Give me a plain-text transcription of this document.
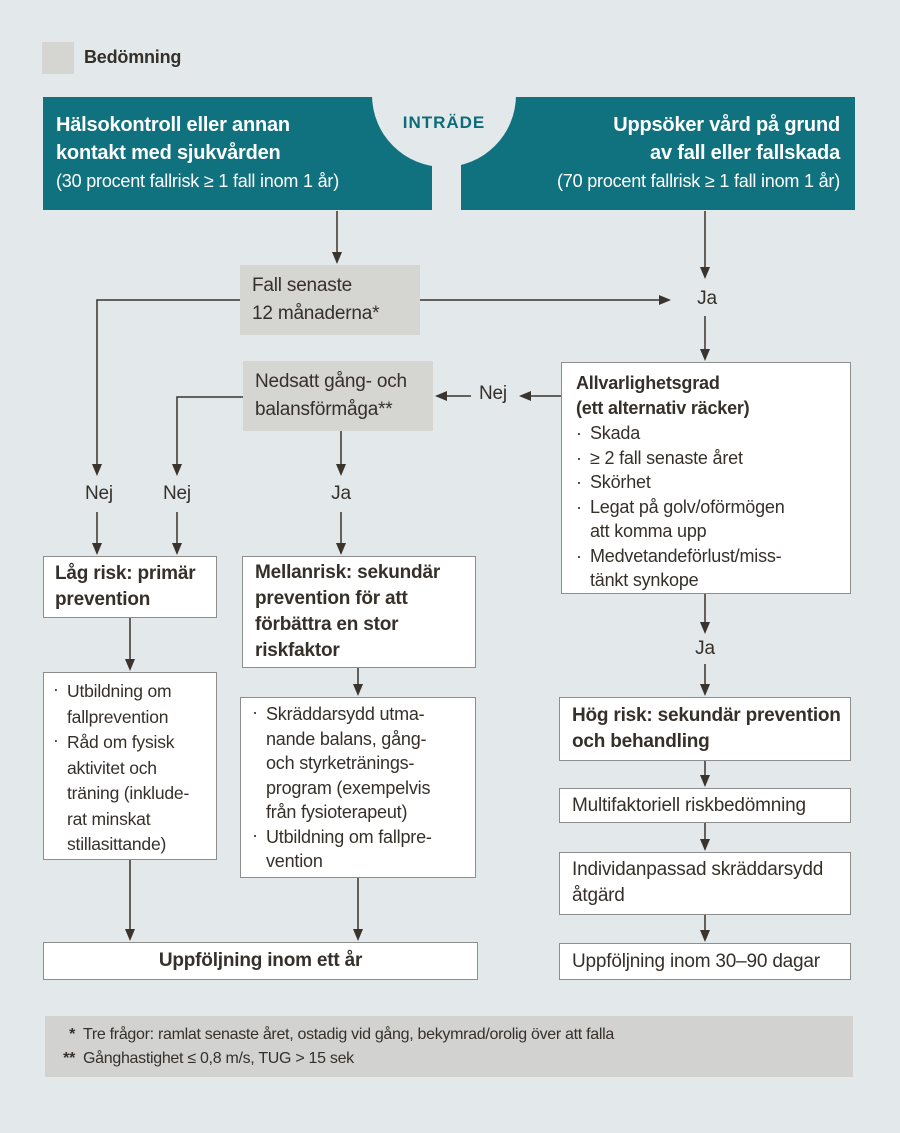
Bedömning
Hälsokontroll eller annan
kontakt med sjukvården
(30 procent fallrisk ≥ 1 fall inom 1 år)
Uppsöker vård på grund
av fall eller fallskada
(70 procent fallrisk ≥ 1 fall inom 1 år)
INTRÄDE
Fall senaste
12 månaderna*
Nedsatt gång- och
balansförmåga**
Ja
Nej	Nej	Ja
Nej
Ja
Allvarlighetsgrad
(ett alternativ räcker)
· Skada
· ≥ 2 fall senaste året
· Skörhet
· Legat på golv/oförmögen
att komma upp
· Medvetandeförlust/miss-
tänkt synkope
Låg risk: primär
prevention
Mellanrisk: sekundär
prevention för att
förbättra en stor
riskfaktor
· Utbildning om
fallprevention
· Råd om fysisk
aktivitet och
träning (inklude-
rat minskat
stillasittande)
· Skräddarsydd utma-
nande balans, gång-
och styrketränings-
program (exempelvis
från fysioterapeut)
· Utbildning om fallpre-
vention
Hög risk: sekundär prevention
och behandling
Multifaktoriell riskbedömning
Individanpassad skräddarsydd
åtgärd
Uppföljning inom ett år	Uppföljning inom 30–90 dagar
* Tre frågor: ramlat senaste året, ostadig vid gång, bekymrad/orolig över att falla
** Gånghastighet ≤ 0,8 m/s, TUG > 15 sek
